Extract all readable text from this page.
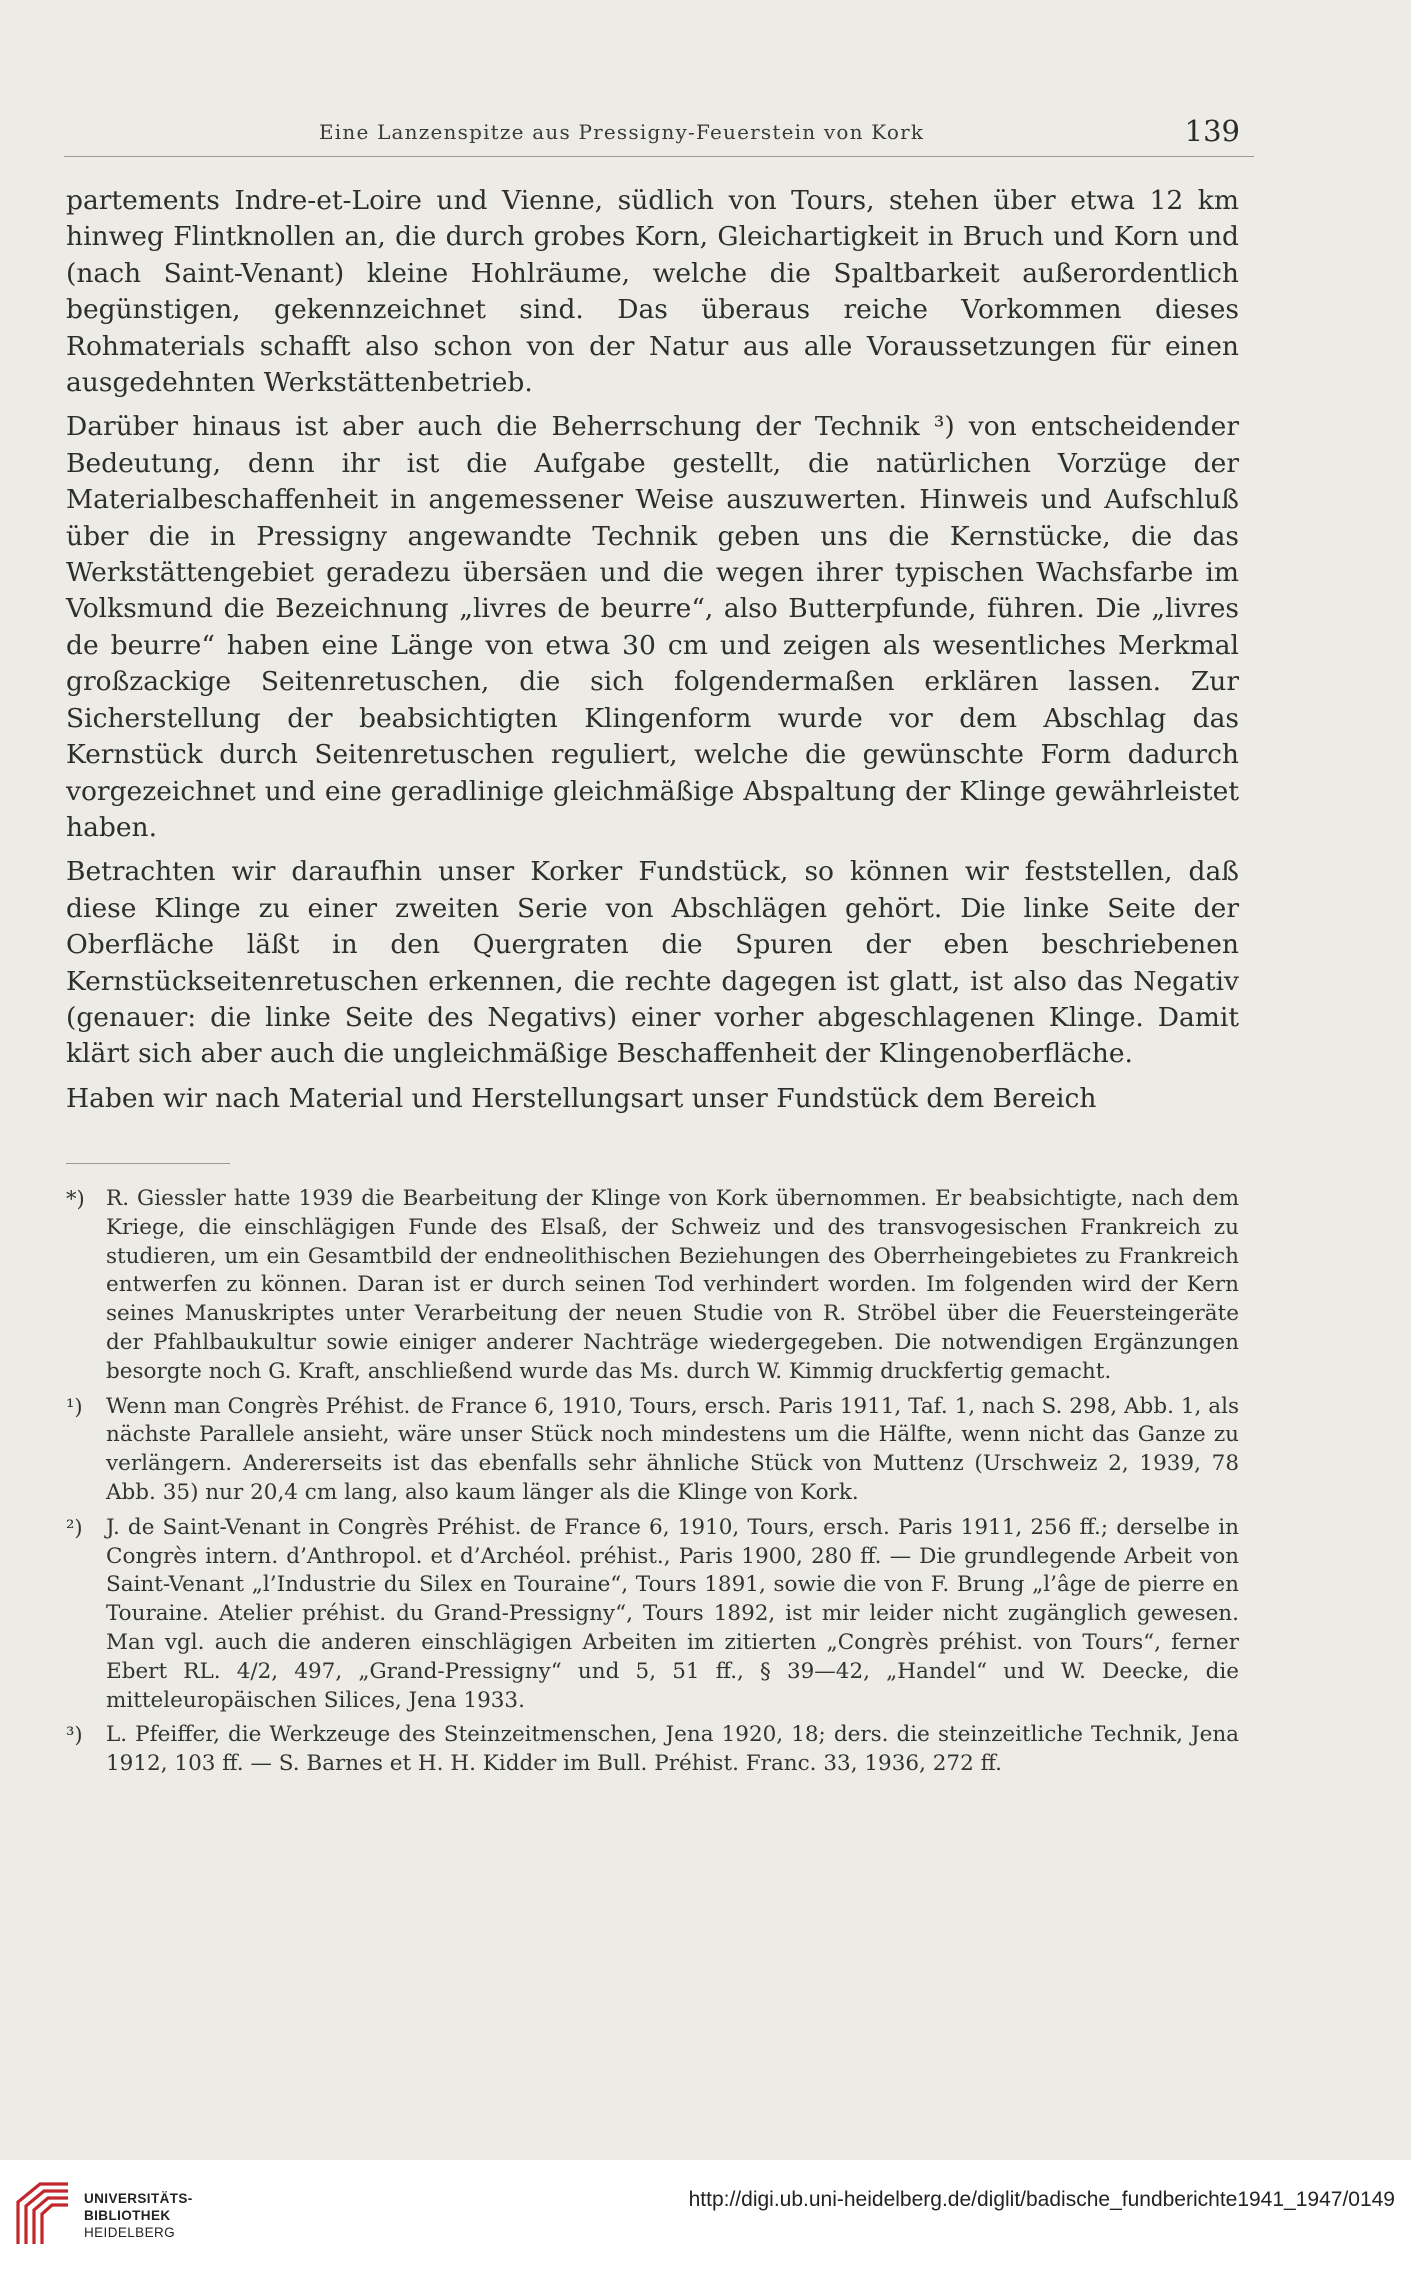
Eine Lanzenspitze aus Pressigny-Feuerstein von Kork	139

partements Indre-et-Loire und Vienne, südlich von Tours, stehen über etwa 12 km hinweg Flintknollen an, die durch grobes Korn, Gleichartigkeit in Bruch und Korn und (nach Saint-Venant) kleine Hohlräume, welche die Spaltbarkeit außerordentlich begünstigen, gekennzeichnet sind. Das überaus reiche Vorkommen dieses Rohmaterials schafft also schon von der Natur aus alle Voraussetzungen für einen ausgedehnten Werkstättenbetrieb.

Darüber hinaus ist aber auch die Beherrschung der Technik ³) von entscheidender Bedeutung, denn ihr ist die Aufgabe gestellt, die natürlichen Vorzüge der Materialbeschaffenheit in angemessener Weise auszuwerten. Hinweis und Aufschluß über die in Pressigny angewandte Technik geben uns die Kernstücke, die das Werkstättengebiet geradezu übersäen und die wegen ihrer typischen Wachsfarbe im Volksmund die Bezeichnung „livres de beurre“, also Butterpfunde, führen. Die „livres de beurre“ haben eine Länge von etwa 30 cm und zeigen als wesentliches Merkmal großzackige Seitenretuschen, die sich folgendermaßen erklären lassen. Zur Sicherstellung der beabsichtigten Klingenform wurde vor dem Abschlag das Kernstück durch Seitenretuschen reguliert, welche die gewünschte Form dadurch vorgezeichnet und eine geradlinige gleichmäßige Abspaltung der Klinge gewährleistet haben.

Betrachten wir daraufhin unser Korker Fundstück, so können wir feststellen, daß diese Klinge zu einer zweiten Serie von Abschlägen gehört. Die linke Seite der Oberfläche läßt in den Quergraten die Spuren der eben beschriebenen Kernstückseitenretuschen erkennen, die rechte dagegen ist glatt, ist also das Negativ (genauer: die linke Seite des Negativs) einer vorher abgeschlagenen Klinge. Damit klärt sich aber auch die ungleichmäßige Beschaffenheit der Klingenoberfläche.

Haben wir nach Material und Herstellungsart unser Fundstück dem Bereich

*) R. Giessler hatte 1939 die Bearbeitung der Klinge von Kork übernommen. Er beabsichtigte, nach dem Kriege, die einschlägigen Funde des Elsaß, der Schweiz und des transvogesischen Frankreich zu studieren, um ein Gesamtbild der endneolithischen Beziehungen des Oberrheingebietes zu Frankreich entwerfen zu können. Daran ist er durch seinen Tod verhindert worden. Im folgenden wird der Kern seines Manuskriptes unter Verarbeitung der neuen Studie von R. Ströbel über die Feuersteingeräte der Pfahlbaukultur sowie einiger anderer Nachträge wiedergegeben. Die notwendigen Ergänzungen besorgte noch G. Kraft, anschließend wurde das Ms. durch W. Kimmig druckfertig gemacht.
¹) Wenn man Congrès Préhist. de France 6, 1910, Tours, ersch. Paris 1911, Taf. 1, nach S. 298, Abb. 1, als nächste Parallele ansieht, wäre unser Stück noch mindestens um die Hälfte, wenn nicht das Ganze zu verlängern. Andererseits ist das ebenfalls sehr ähnliche Stück von Muttenz (Urschweiz 2, 1939, 78 Abb. 35) nur 20,4 cm lang, also kaum länger als die Klinge von Kork.
²) J. de Saint-Venant in Congrès Préhist. de France 6, 1910, Tours, ersch. Paris 1911, 256 ff.; derselbe in Congrès intern. d’Anthropol. et d’Archéol. préhist., Paris 1900, 280 ff. — Die grundlegende Arbeit von Saint-Venant „l’Industrie du Silex en Touraine“, Tours 1891, sowie die von F. Brung „l’âge de pierre en Touraine. Atelier préhist. du Grand-Pressigny“, Tours 1892, ist mir leider nicht zugänglich gewesen. Man vgl. auch die anderen einschlägigen Arbeiten im zitierten „Congrès préhist. von Tours“, ferner Ebert RL. 4/2, 497, „Grand-Pressigny“ und 5, 51 ff., § 39—42, „Handel“ und W. Deecke, die mitteleuropäischen Silices, Jena 1933.
³) L. Pfeiffer, die Werkzeuge des Steinzeitmenschen, Jena 1920, 18; ders. die steinzeitliche Technik, Jena 1912, 103 ff. — S. Barnes et H. H. Kidder im Bull. Préhist. Franc. 33, 1936, 272 ff.
UNIVERSITÄTS-
BIBLIOTHEK
HEIDELBERG
http://digi.ub.uni-heidelberg.de/diglit/badische_fundberichte1941_1947/0149
